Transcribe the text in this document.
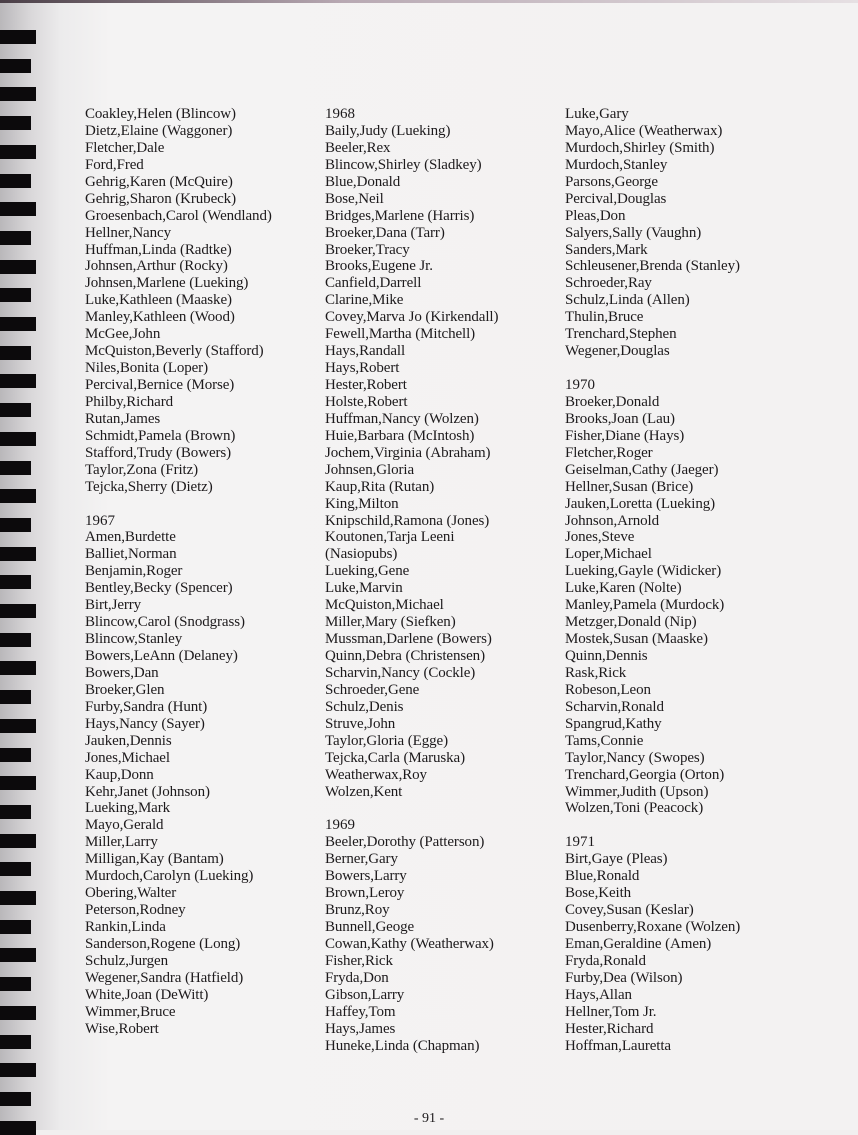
Coakley,Helen (Blincow)
Dietz,Elaine (Waggoner)
Fletcher,Dale
Ford,Fred
Gehrig,Karen (McQuire)
Gehrig,Sharon (Krubeck)
Groesenbach,Carol (Wendland)
Hellner,Nancy
Huffman,Linda (Radtke)
Johnsen,Arthur (Rocky)
Johnsen,Marlene (Lueking)
Luke,Kathleen (Maaske)
Manley,Kathleen (Wood)
McGee,John
McQuiston,Beverly (Stafford)
Niles,Bonita (Loper)
Percival,Bernice (Morse)
Philby,Richard
Rutan,James
Schmidt,Pamela (Brown)
Stafford,Trudy (Bowers)
Taylor,Zona (Fritz)
Tejcka,Sherry (Dietz)
1967
Amen,Burdette
Balliet,Norman
Benjamin,Roger
Bentley,Becky (Spencer)
Birt,Jerry
Blincow,Carol (Snodgrass)
Blincow,Stanley
Bowers,LeAnn (Delaney)
Bowers,Dan
Broeker,Glen
Furby,Sandra (Hunt)
Hays,Nancy (Sayer)
Jauken,Dennis
Jones,Michael
Kaup,Donn
Kehr,Janet (Johnson)
Lueking,Mark
Mayo,Gerald
Miller,Larry
Milligan,Kay (Bantam)
Murdoch,Carolyn (Lueking)
Obering,Walter
Peterson,Rodney
Rankin,Linda
Sanderson,Rogene (Long)
Schulz,Jurgen
Wegener,Sandra (Hatfield)
White,Joan (DeWitt)
Wimmer,Bruce
Wise,Robert
1968
Baily,Judy (Lueking)
Beeler,Rex
Blincow,Shirley (Sladkey)
Blue,Donald
Bose,Neil
Bridges,Marlene (Harris)
Broeker,Dana (Tarr)
Broeker,Tracy
Brooks,Eugene Jr.
Canfield,Darrell
Clarine,Mike
Covey,Marva Jo (Kirkendall)
Fewell,Martha (Mitchell)
Hays,Randall
Hays,Robert
Hester,Robert
Holste,Robert
Huffman,Nancy (Wolzen)
Huie,Barbara (McIntosh)
Jochem,Virginia (Abraham)
Johnsen,Gloria
Kaup,Rita (Rutan)
King,Milton
Knipschild,Ramona (Jones)
Koutonen,Tarja Leeni
(Nasiopubs)
Lueking,Gene
Luke,Marvin
McQuiston,Michael
Miller,Mary (Siefken)
Mussman,Darlene (Bowers)
Quinn,Debra (Christensen)
Scharvin,Nancy (Cockle)
Schroeder,Gene
Schulz,Denis
Struve,John
Taylor,Gloria (Egge)
Tejcka,Carla (Maruska)
Weatherwax,Roy
Wolzen,Kent
1969
Beeler,Dorothy (Patterson)
Berner,Gary
Bowers,Larry
Brown,Leroy
Brunz,Roy
Bunnell,Geoge
Cowan,Kathy (Weatherwax)
Fisher,Rick
Fryda,Don
Gibson,Larry
Haffey,Tom
Hays,James
Huneke,Linda (Chapman)
Luke,Gary
Mayo,Alice (Weatherwax)
Murdoch,Shirley (Smith)
Murdoch,Stanley
Parsons,George
Percival,Douglas
Pleas,Don
Salyers,Sally (Vaughn)
Sanders,Mark
Schleusener,Brenda (Stanley)
Schroeder,Ray
Schulz,Linda (Allen)
Thulin,Bruce
Trenchard,Stephen
Wegener,Douglas
1970
Broeker,Donald
Brooks,Joan (Lau)
Fisher,Diane (Hays)
Fletcher,Roger
Geiselman,Cathy (Jaeger)
Hellner,Susan (Brice)
Jauken,Loretta (Lueking)
Johnson,Arnold
Jones,Steve
Loper,Michael
Lueking,Gayle (Widicker)
Luke,Karen (Nolte)
Manley,Pamela (Murdock)
Metzger,Donald (Nip)
Mostek,Susan (Maaske)
Quinn,Dennis
Rask,Rick
Robeson,Leon
Scharvin,Ronald
Spangrud,Kathy
Tams,Connie
Taylor,Nancy (Swopes)
Trenchard,Georgia (Orton)
Wimmer,Judith (Upson)
Wolzen,Toni (Peacock)
1971
Birt,Gaye (Pleas)
Blue,Ronald
Bose,Keith
Covey,Susan (Keslar)
Dusenberry,Roxane (Wolzen)
Eman,Geraldine (Amen)
Fryda,Ronald
Furby,Dea (Wilson)
Hays,Allan
Hellner,Tom Jr.
Hester,Richard
Hoffman,Lauretta
- 91 -
